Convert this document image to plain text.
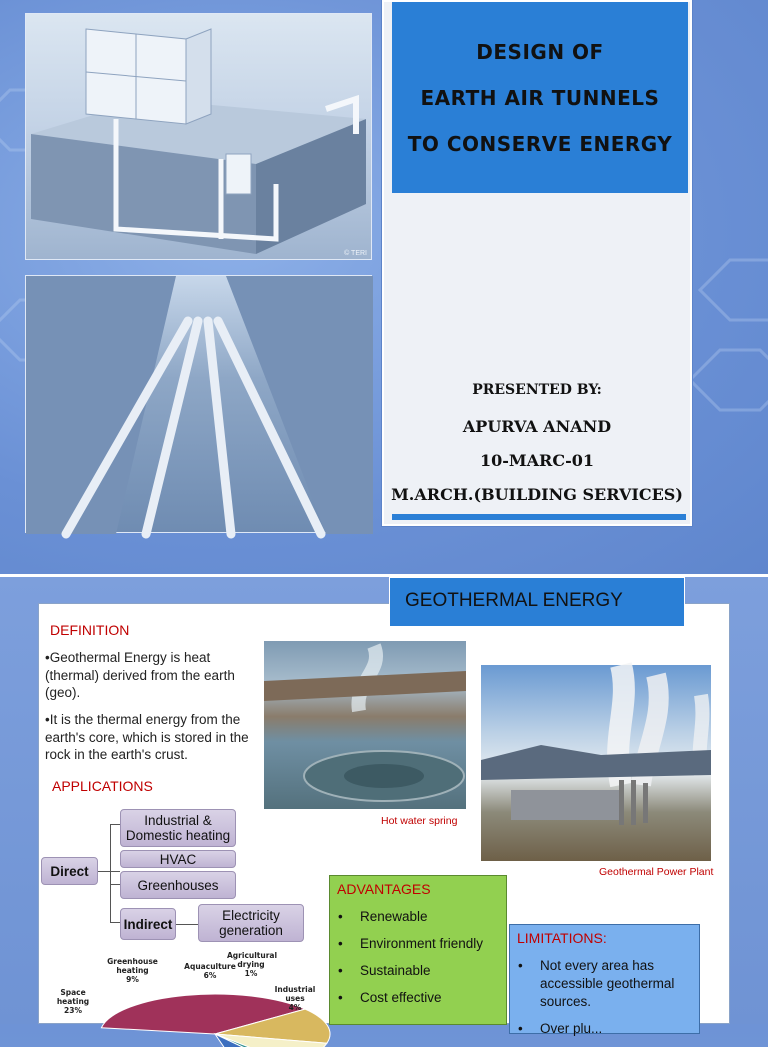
© TERI
DESIGN OF
EARTH AIR TUNNELS
TO CONSERVE ENERGY
PRESENTED BY:
APURVA ANAND
10-MARC-01
M.ARCH.(BUILDING SERVICES)
GEOTHERMAL ENERGY
DEFINITION
•Geothermal Energy is heat (thermal) derived from the earth (geo).
•It is the thermal energy from the earth's core, which is stored in the rock in the earth's crust.
APPLICATIONS
Direct
Industrial & Domestic heating
HVAC
Greenhouses
Indirect
Electricity generation
Hot water spring
Geothermal Power Plant
Greenhouse heating
9%
Space heating
23%
Aquaculture
6%
Agricultural drying
1%
Industrial uses
4%
ADVANTAGES
• Renewable
• Environment friendly
• Sustainable
• Cost effective
LIMITATIONS:
• Not every area has accessible geothermal sources.
• Over plu...
